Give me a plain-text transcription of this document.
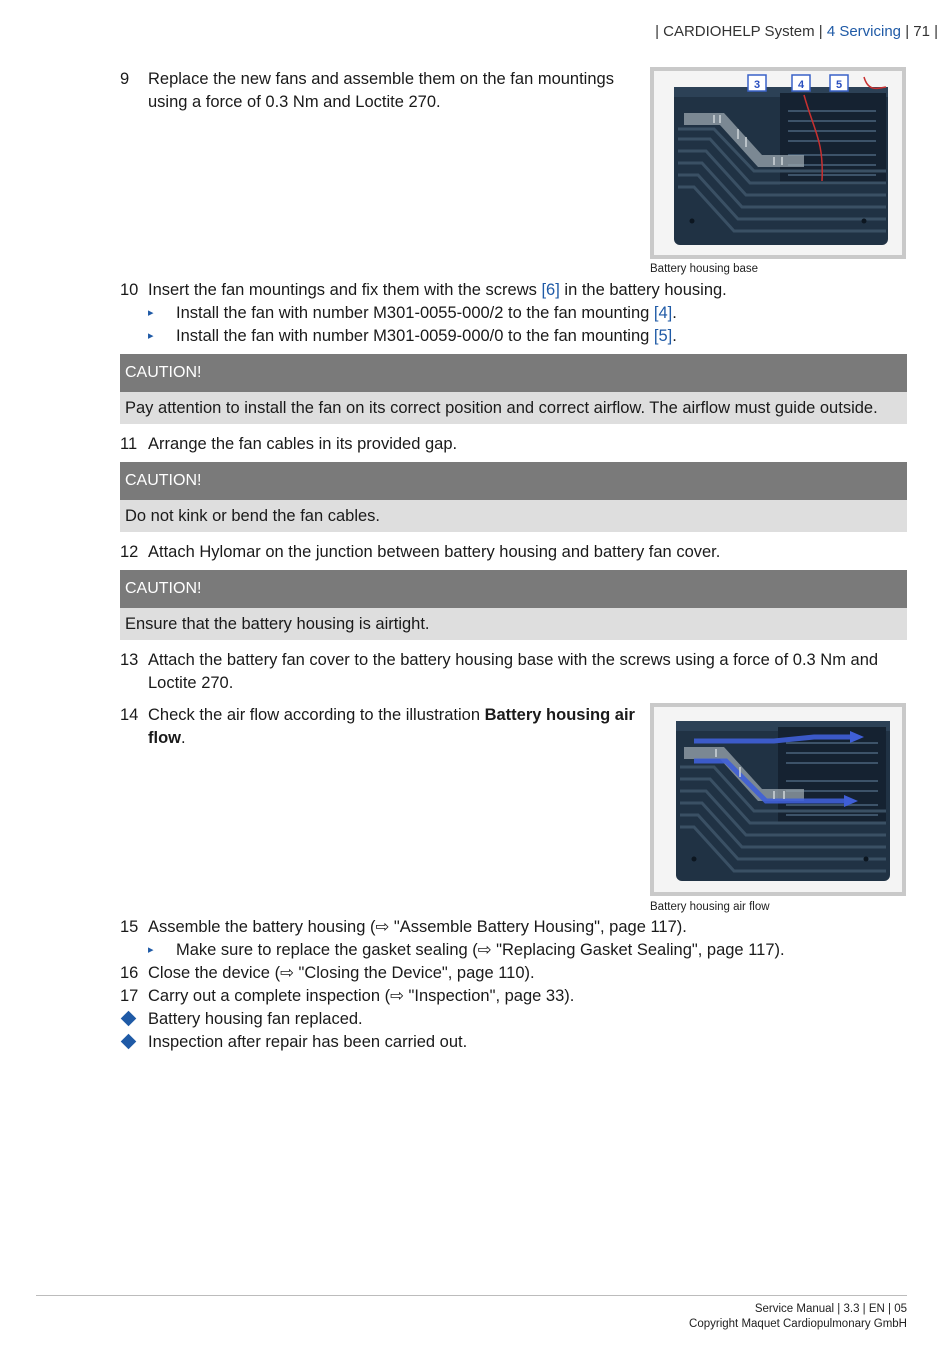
| CARDIOHELP System | 4 Servicing | 71 |
9	Replace the new fans and assemble them on the fan mountings
using a force of 0.3 Nm and Loctite 270.
3	4	5
Battery housing base
10 Insert the fan mountings and fix them with the screws [6] in the battery housing.
▸ Install the fan with number M301-0055-000/2 to the fan mounting [4].
▸ Install the fan with number M301-0059-000/0 to the fan mounting [5].
CAUTION!
Pay attention to install the fan on its correct position and correct airflow. The airflow must guide outside.
11 Arrange the fan cables in its provided gap.
CAUTION!
Do not kink or bend the fan cables.
12 Attach Hylomar on the junction between battery housing and battery fan cover.
CAUTION!
Ensure that the battery housing is airtight.
13 Attach the battery fan cover to the battery housing base with the screws using a force of 0.3 Nm and
Loctite 270.
14 Check the air flow according to the illustration Battery housing air
flow.
Battery housing air flow
15 Assemble the battery housing (⇨ "Assemble Battery Housing", page 117).
▸ Make sure to replace the gasket sealing (⇨ "Replacing Gasket Sealing", page 117).
16 Close the device (⇨ "Closing the Device", page 110).
17 Carry out a complete inspection (⇨ "Inspection", page 33).
Battery housing fan replaced.
Inspection after repair has been carried out.
Service Manual | 3.3 | EN | 05
Copyright Maquet Cardiopulmonary GmbH
